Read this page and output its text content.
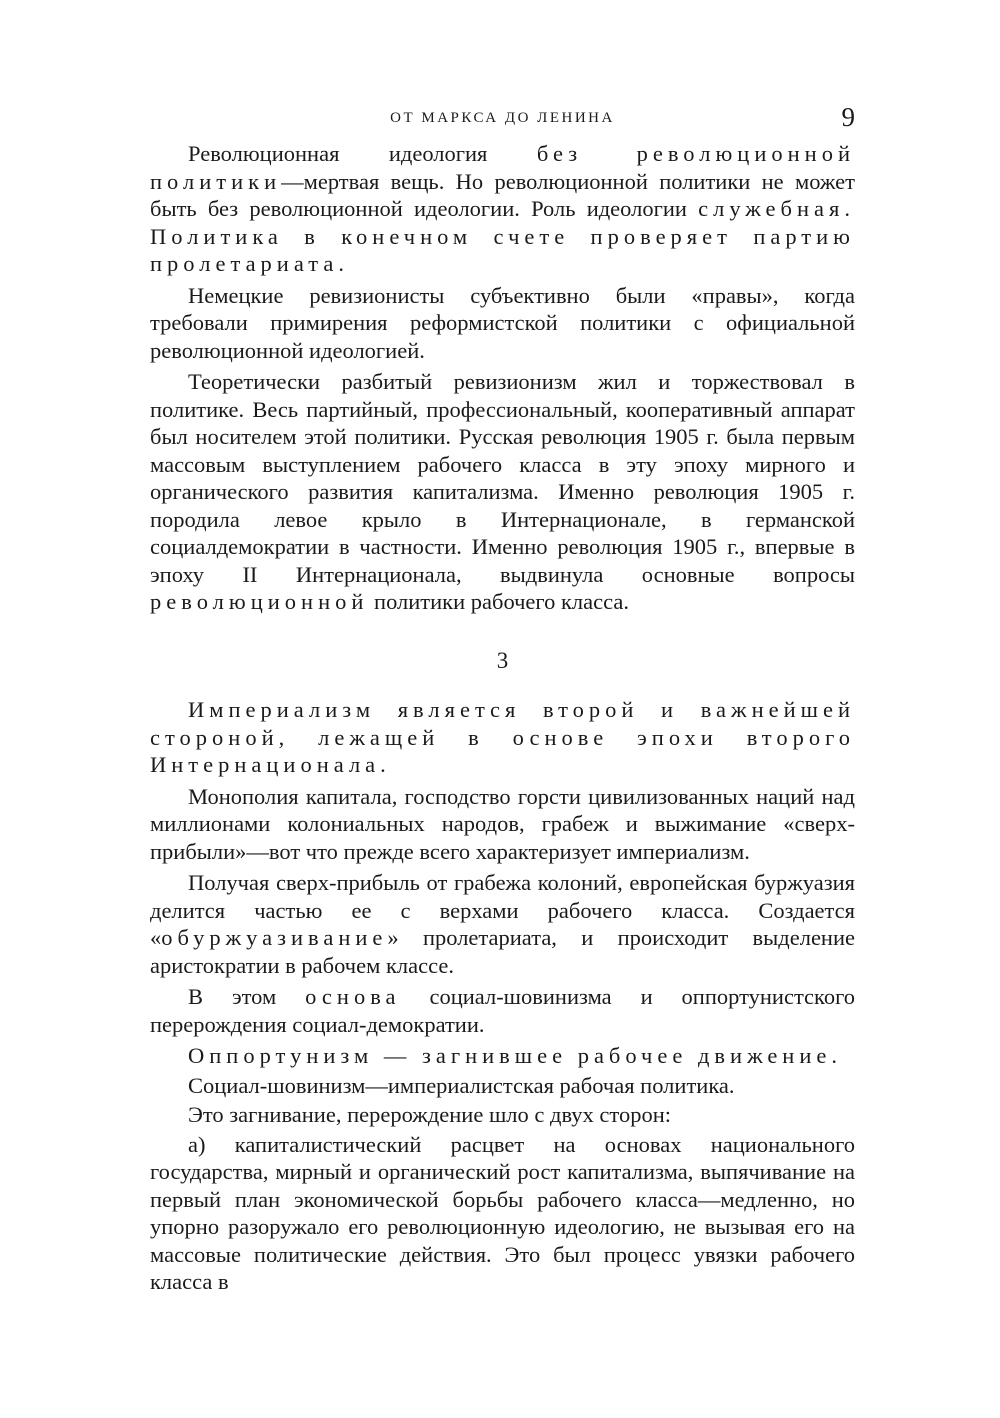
ОТ МАРКСА ДО ЛЕНИНА	9

Революционная идеология без революционной политики—мертвая вещь. Но революционной политики не может быть без революционной идеологии. Роль идеологии служебная. Политика в конечном счете проверяет партию пролетариата.

Немецкие ревизионисты субъективно были «правы», когда требовали примирения реформистской политики с официальной революционной идеологией.

Теоретически разбитый ревизионизм жил и торжествовал в политике. Весь партийный, профессиональный, кооперативный аппарат был носителем этой политики. Русская революция 1905 г. была первым массовым выступлением рабочего класса в эту эпоху мирного и органического развития капитализма. Именно революция 1905 г. породила левое крыло в Интернационале, в германской социалдемократии в частности. Именно революция 1905 г., впервые в эпоху II Интернационала, выдвинула основные вопросы революционной политики рабочего класса.

3

Империализм является второй и важнейшей стороной, лежащей в основе эпохи второго Интернационала.

Монополия капитала, господство горсти цивилизованных наций над миллионами колониальных народов, грабеж и выжимание «сверх-прибыли»—вот что прежде всего характеризует империализм.

Получая сверх-прибыль от грабежа колоний, европейская буржуазия делится частью ее с верхами рабочего класса. Создается «обуржуазивание» пролетариата, и происходит выделение аристократии в рабочем классе.

В этом основа социал-шовинизма и оппортунистского перерождения социал-демократии.

Оппортунизм — загнившее рабочее движение.

Социал-шовинизм—империалистская рабочая политика.

Это загнивание, перерождение шло с двух сторон:

а) капиталистический расцвет на основах национального государства, мирный и органический рост капитализма, выпячивание на первый план экономической борьбы рабочего класса—медленно, но упорно разоружало его революционную идеологию, не вызывая его на массовые политические действия. Это был процесс увязки рабочего класса в
